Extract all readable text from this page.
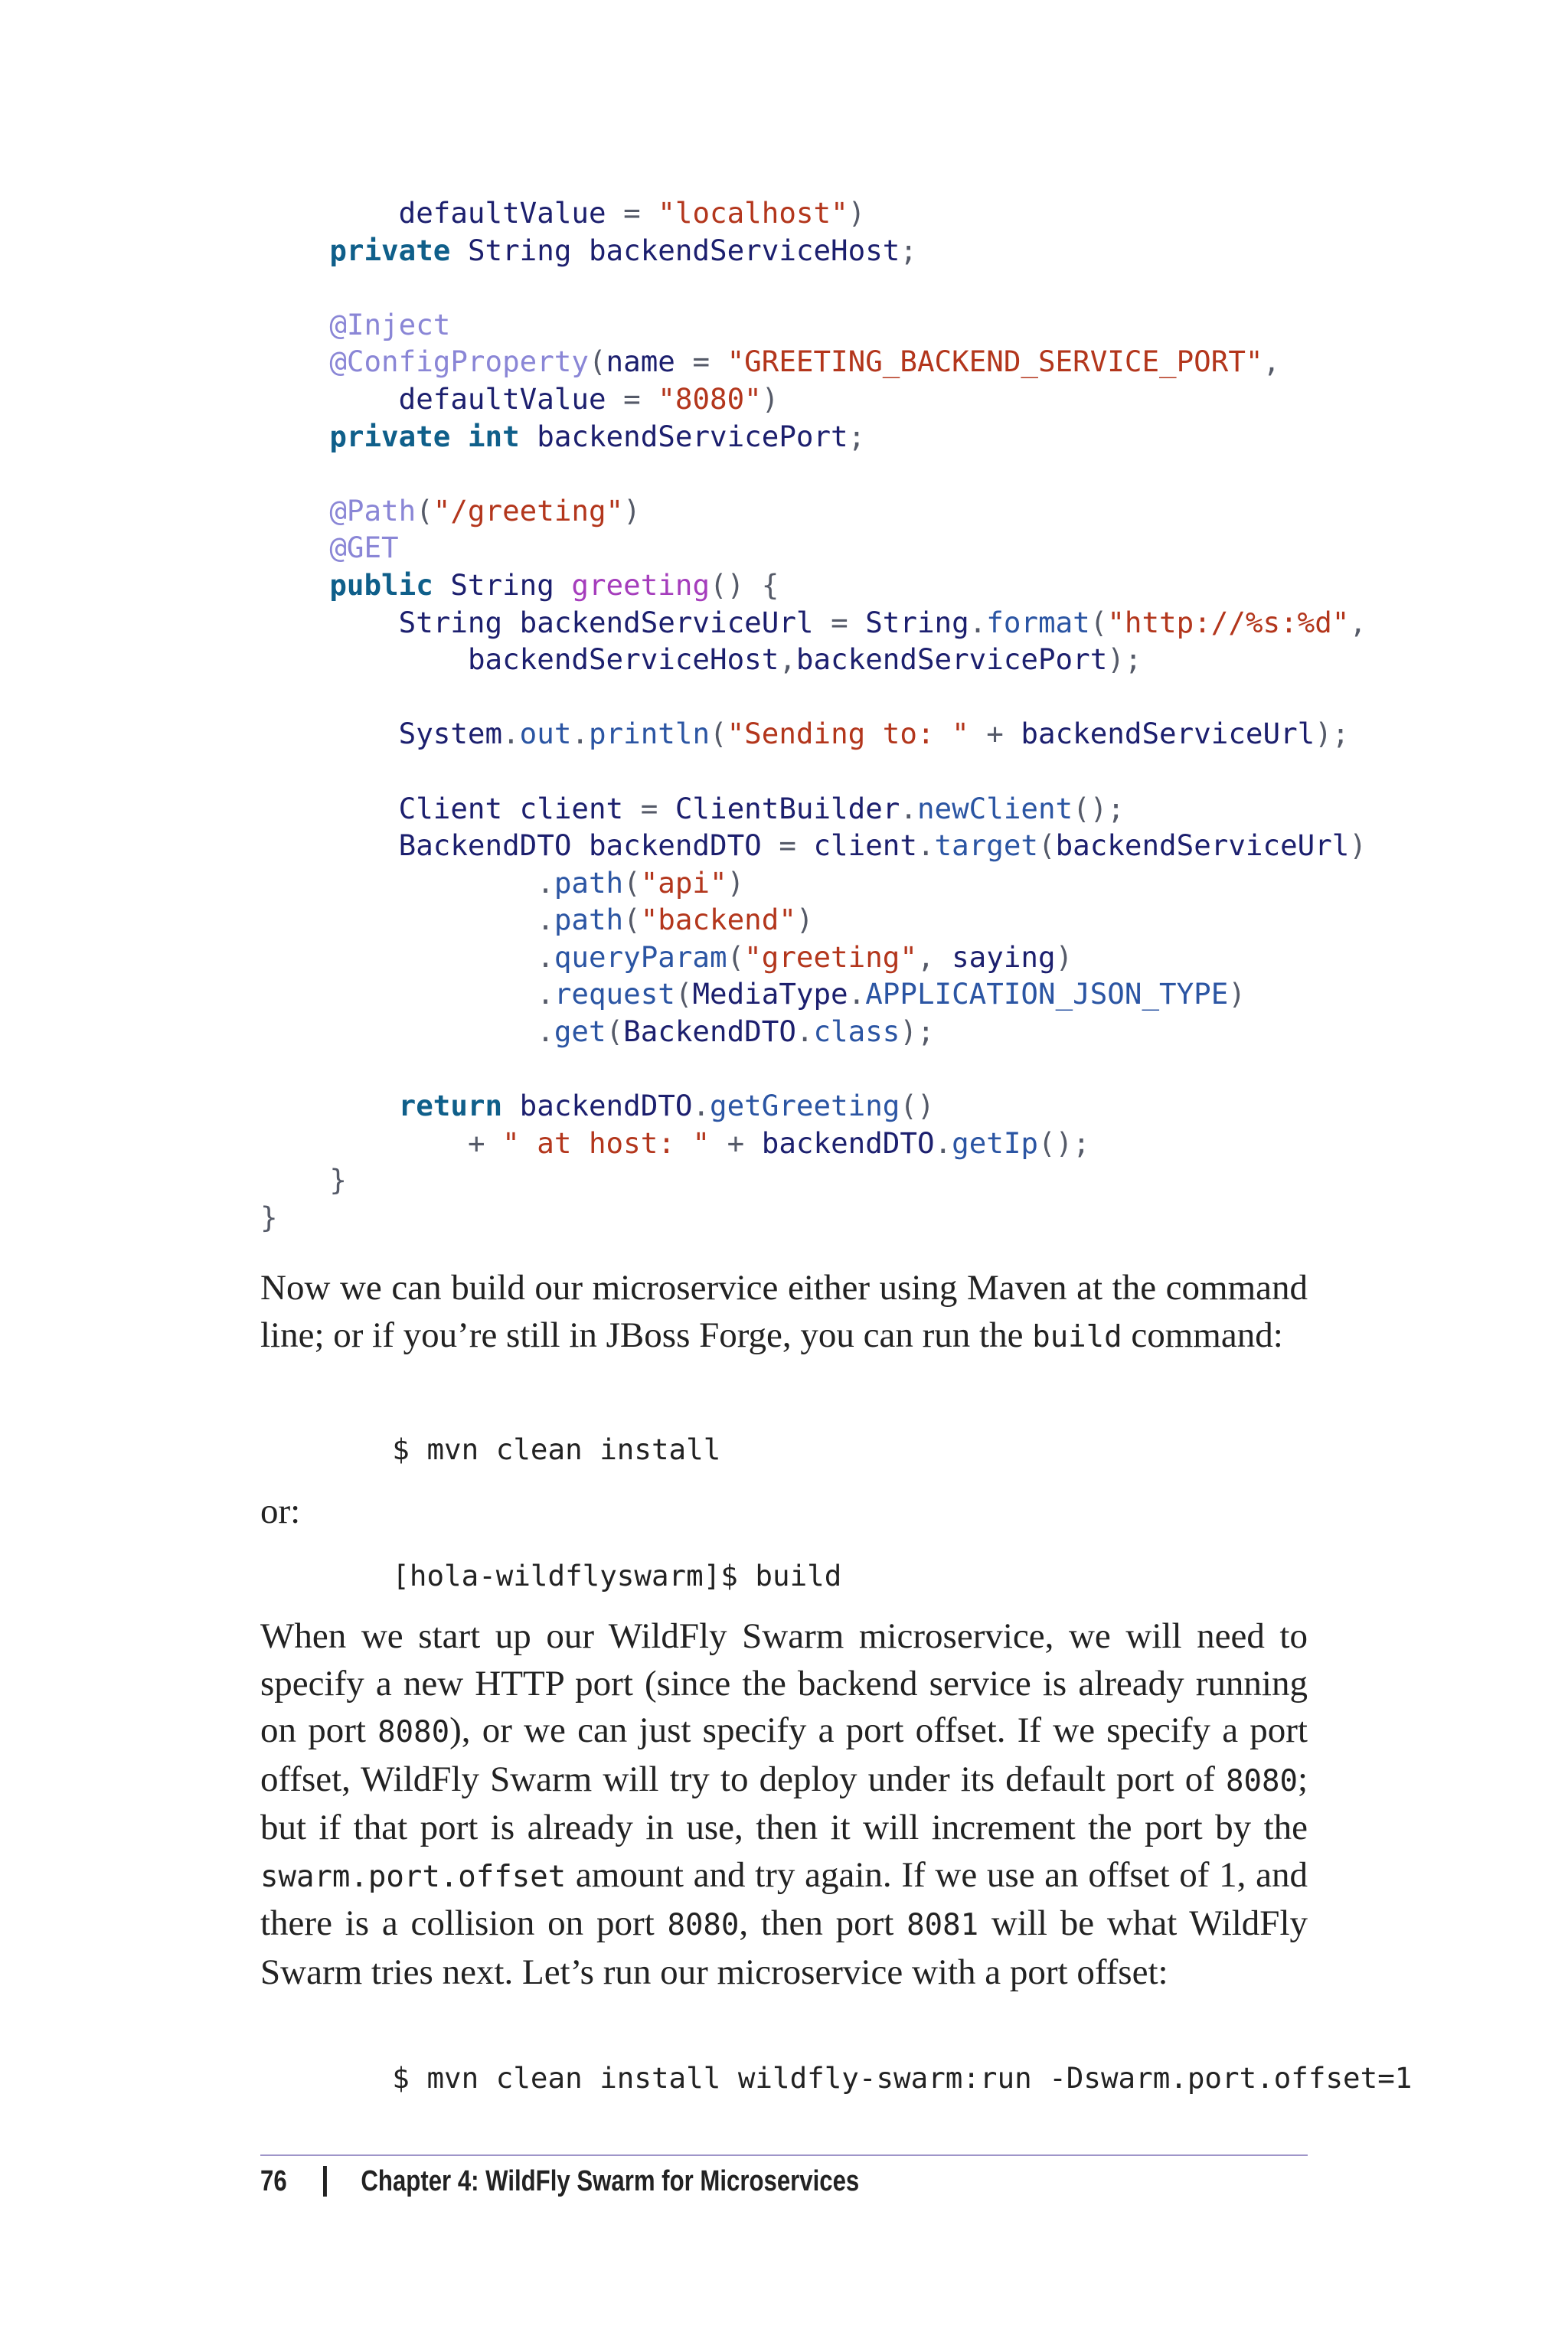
defaultValue = "localhost")
private String backendServiceHost;
@Inject
@ConfigProperty(name = "GREETING_BACKEND_SERVICE_PORT",
defaultValue = "8080")
private int backendServicePort;
@Path("/greeting")
@GET
public String greeting() {
String backendServiceUrl = String.format("http://%s:%d",
backendServiceHost,backendServicePort);
System.out.println("Sending to: " + backendServiceUrl);
Client client = ClientBuilder.newClient();
BackendDTO backendDTO = client.target(backendServiceUrl)
.path("api")
.path("backend")
.queryParam("greeting", saying)
.request(MediaType.APPLICATION_JSON_TYPE)
.get(BackendDTO.class);
return backendDTO.getGreeting()
+ " at host: " + backendDTO.getIp();
}
}

Now we can build our microservice either using Maven at the command line; or if you’re still in JBoss Forge, you can run the build command:

$ mvn clean install

or:

[hola-wildflyswarm]$ build

When we start up our WildFly Swarm microservice, we will need to specify a new HTTP port (since the backend service is already running on port 8080), or we can just specify a port offset. If we specify a port offset, WildFly Swarm will try to deploy under its default port of 8080; but if that port is already in use, then it will increment the port by the swarm.port.offset amount and try again. If we use an offset of 1, and there is a collision on port 8080, then port 8081 will be what WildFly Swarm tries next. Let’s run our microservice with a port offset:

$ mvn clean install wildfly-swarm:run -Dswarm.port.offset=1
76	Chapter 4: WildFly Swarm for Microservices
